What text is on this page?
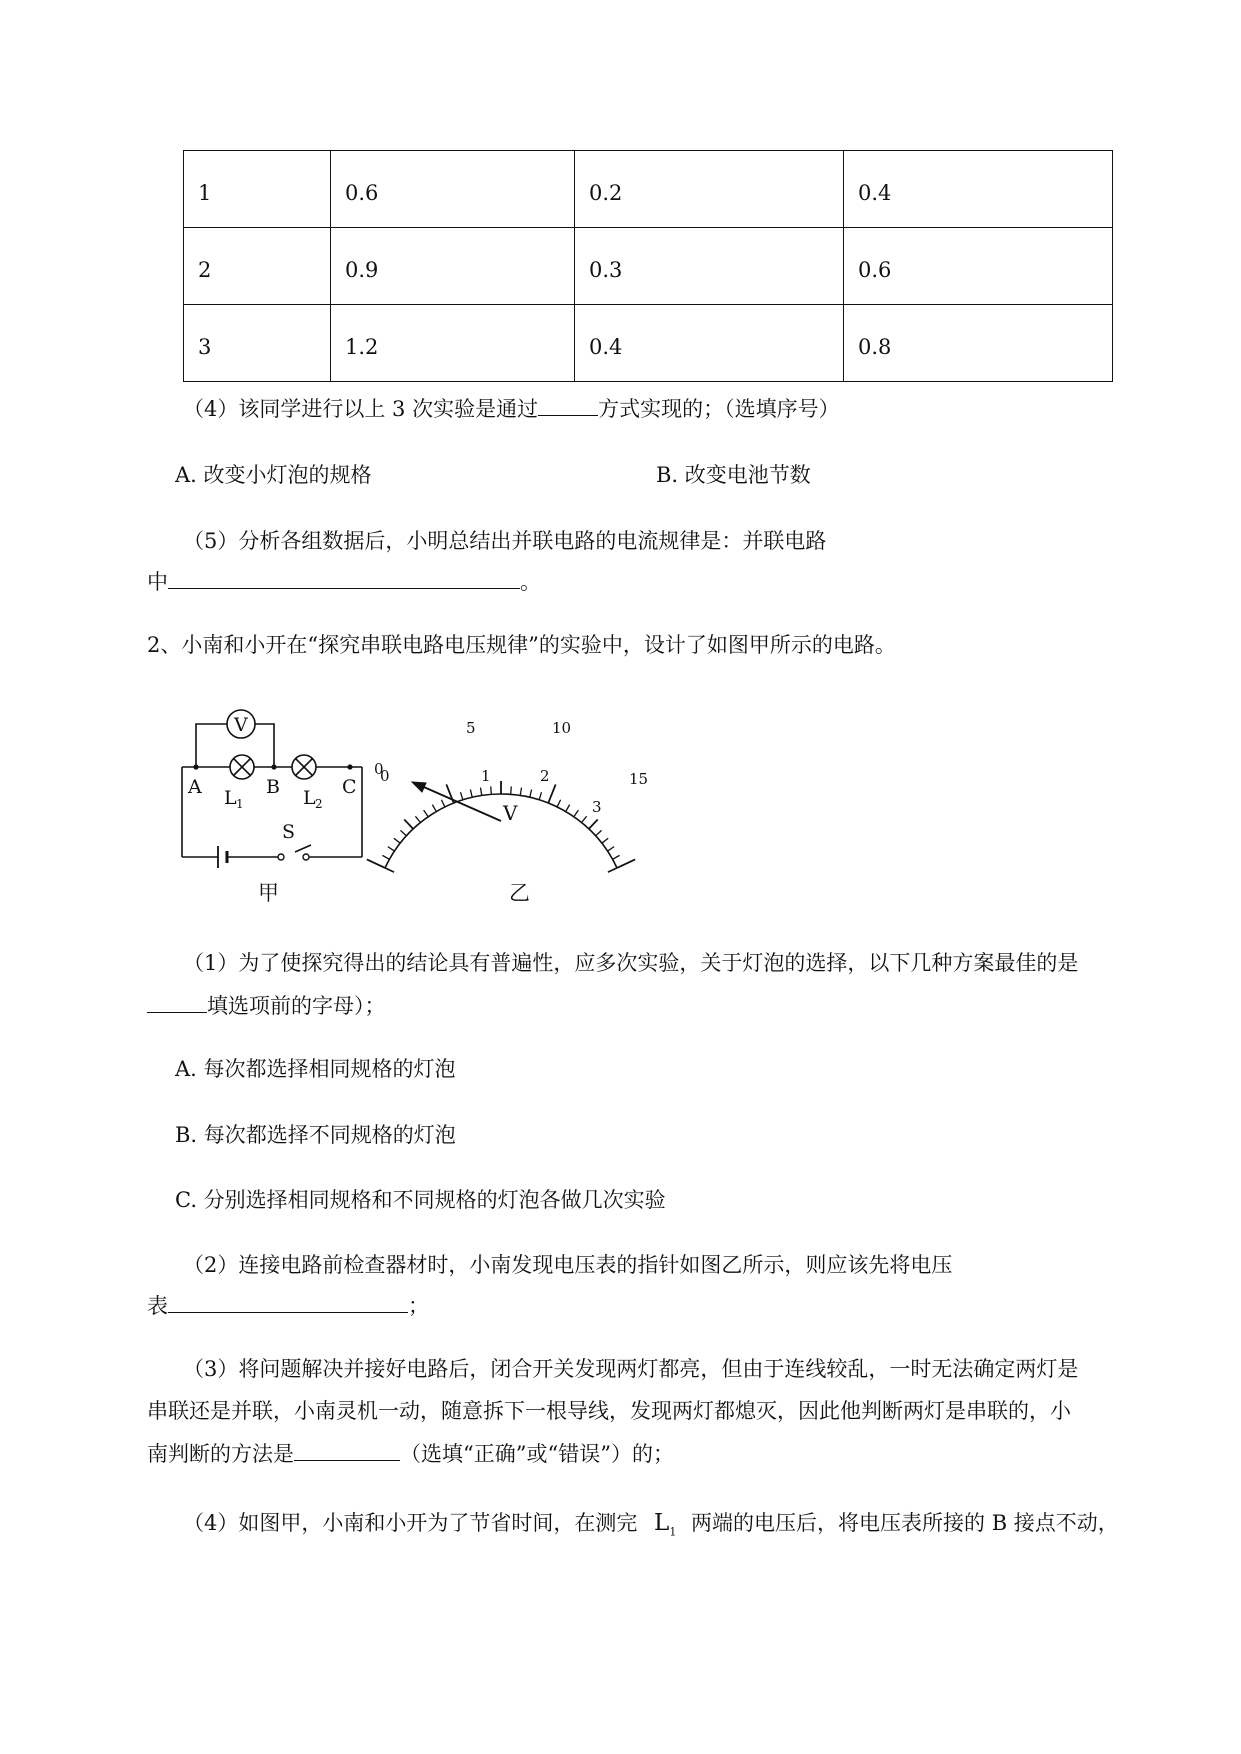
1	0.6	0.2	0.4
2	0.9	0.3	0.6
3	1.2	0.4	0.8
（4）该同学进行以上 3 次实验是通过	方式实现的；（选填序号）
A. 改变小灯泡的规格	B. 改变电池节数
（5）分析各组数据后，小明总结出并联电路的电流规律是：并联电路
中	。
2、小南和小开在“探究串联电路电压规律”的实验中，设计了如图甲所示的电路。
V
A	B	C
L 1	L 2
S
甲
0
5	10
15
0	1	2
3
V
乙
（1）为了使探究得出的结论具有普遍性，应多次实验，关于灯泡的选择，以下几种方案最佳的是
填选项前的字母）；
A. 每次都选择相同规格的灯泡
B. 每次都选择不同规格的灯泡
C. 分别选择相同规格和不同规格的灯泡各做几次实验
（2）连接电路前检查器材时，小南发现电压表的指针如图乙所示，则应该先将电压
表	；
（3）将问题解决并接好电路后，闭合开关发现两灯都亮，但由于连线较乱，一时无法确定两灯是
串联还是并联，小南灵机一动，随意拆下一根导线，发现两灯都熄灭，因此他判断两灯是串联的，小
南判断的方法是	（选填“正确”或“错误”）的；
（4）如图甲，小南和小开为了节省时间，在测完 $L_1$ 两端的电压后，将电压表所接的 B 接点不动，
